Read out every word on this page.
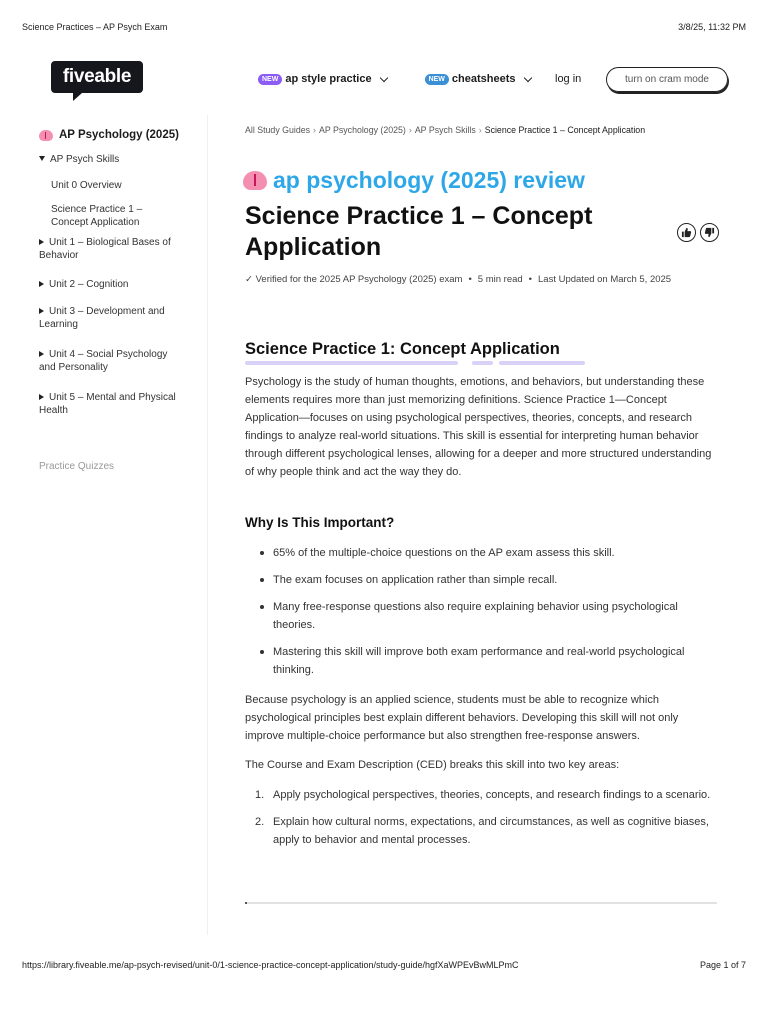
Science Practices – AP Psych Exam	3/8/25, 11:32 PM
fiveable	NEW ap style practice	NEW cheatsheets	log in	turn on cram mode
AP Psychology (2025)
AP Psych Skills
Unit 0 Overview
Science Practice 1 – Concept Application
Unit 1 – Biological Bases of Behavior
Unit 2 – Cognition
Unit 3 – Development and Learning
Unit 4 – Social Psychology and Personality
Unit 5 – Mental and Physical Health
Practice Quizzes
All Study Guides › AP Psychology (2025) › AP Psych Skills › Science Practice 1 – Concept Application
ap psychology (2025) review
Science Practice 1 – Concept Application
✓ Verified for the 2025 AP Psychology (2025) exam • 5 min read • Last Updated on March 5, 2025
Science Practice 1: Concept Application

Psychology is the study of human thoughts, emotions, and behaviors, but understanding these elements requires more than just memorizing definitions. Science Practice 1—Concept Application—focuses on using psychological perspectives, theories, concepts, and research findings to analyze real-world situations. This skill is essential for interpreting human behavior through different psychological lenses, allowing for a deeper and more structured understanding of why people think and act the way they do.

Why Is This Important?
65% of the multiple-choice questions on the AP exam assess this skill.
The exam focuses on application rather than simple recall.
Many free-response questions also require explaining behavior using psychological theories.
Mastering this skill will improve both exam performance and real-world psychological thinking.

Because psychology is an applied science, students must be able to recognize which psychological principles best explain different behaviors. Developing this skill will not only improve multiple-choice performance but also strengthen free-response answers.

The Course and Exam Description (CED) breaks this skill into two key areas:

1. Apply psychological perspectives, theories, concepts, and research findings to a scenario.
2. Explain how cultural norms, expectations, and circumstances, as well as cognitive biases, apply to behavior and mental processes.
https://library.fiveable.me/ap-psych-revised/unit-0/1-science-practice-concept-application/study-guide/hgfXaWPEvBwMLPmC	Page 1 of 7
